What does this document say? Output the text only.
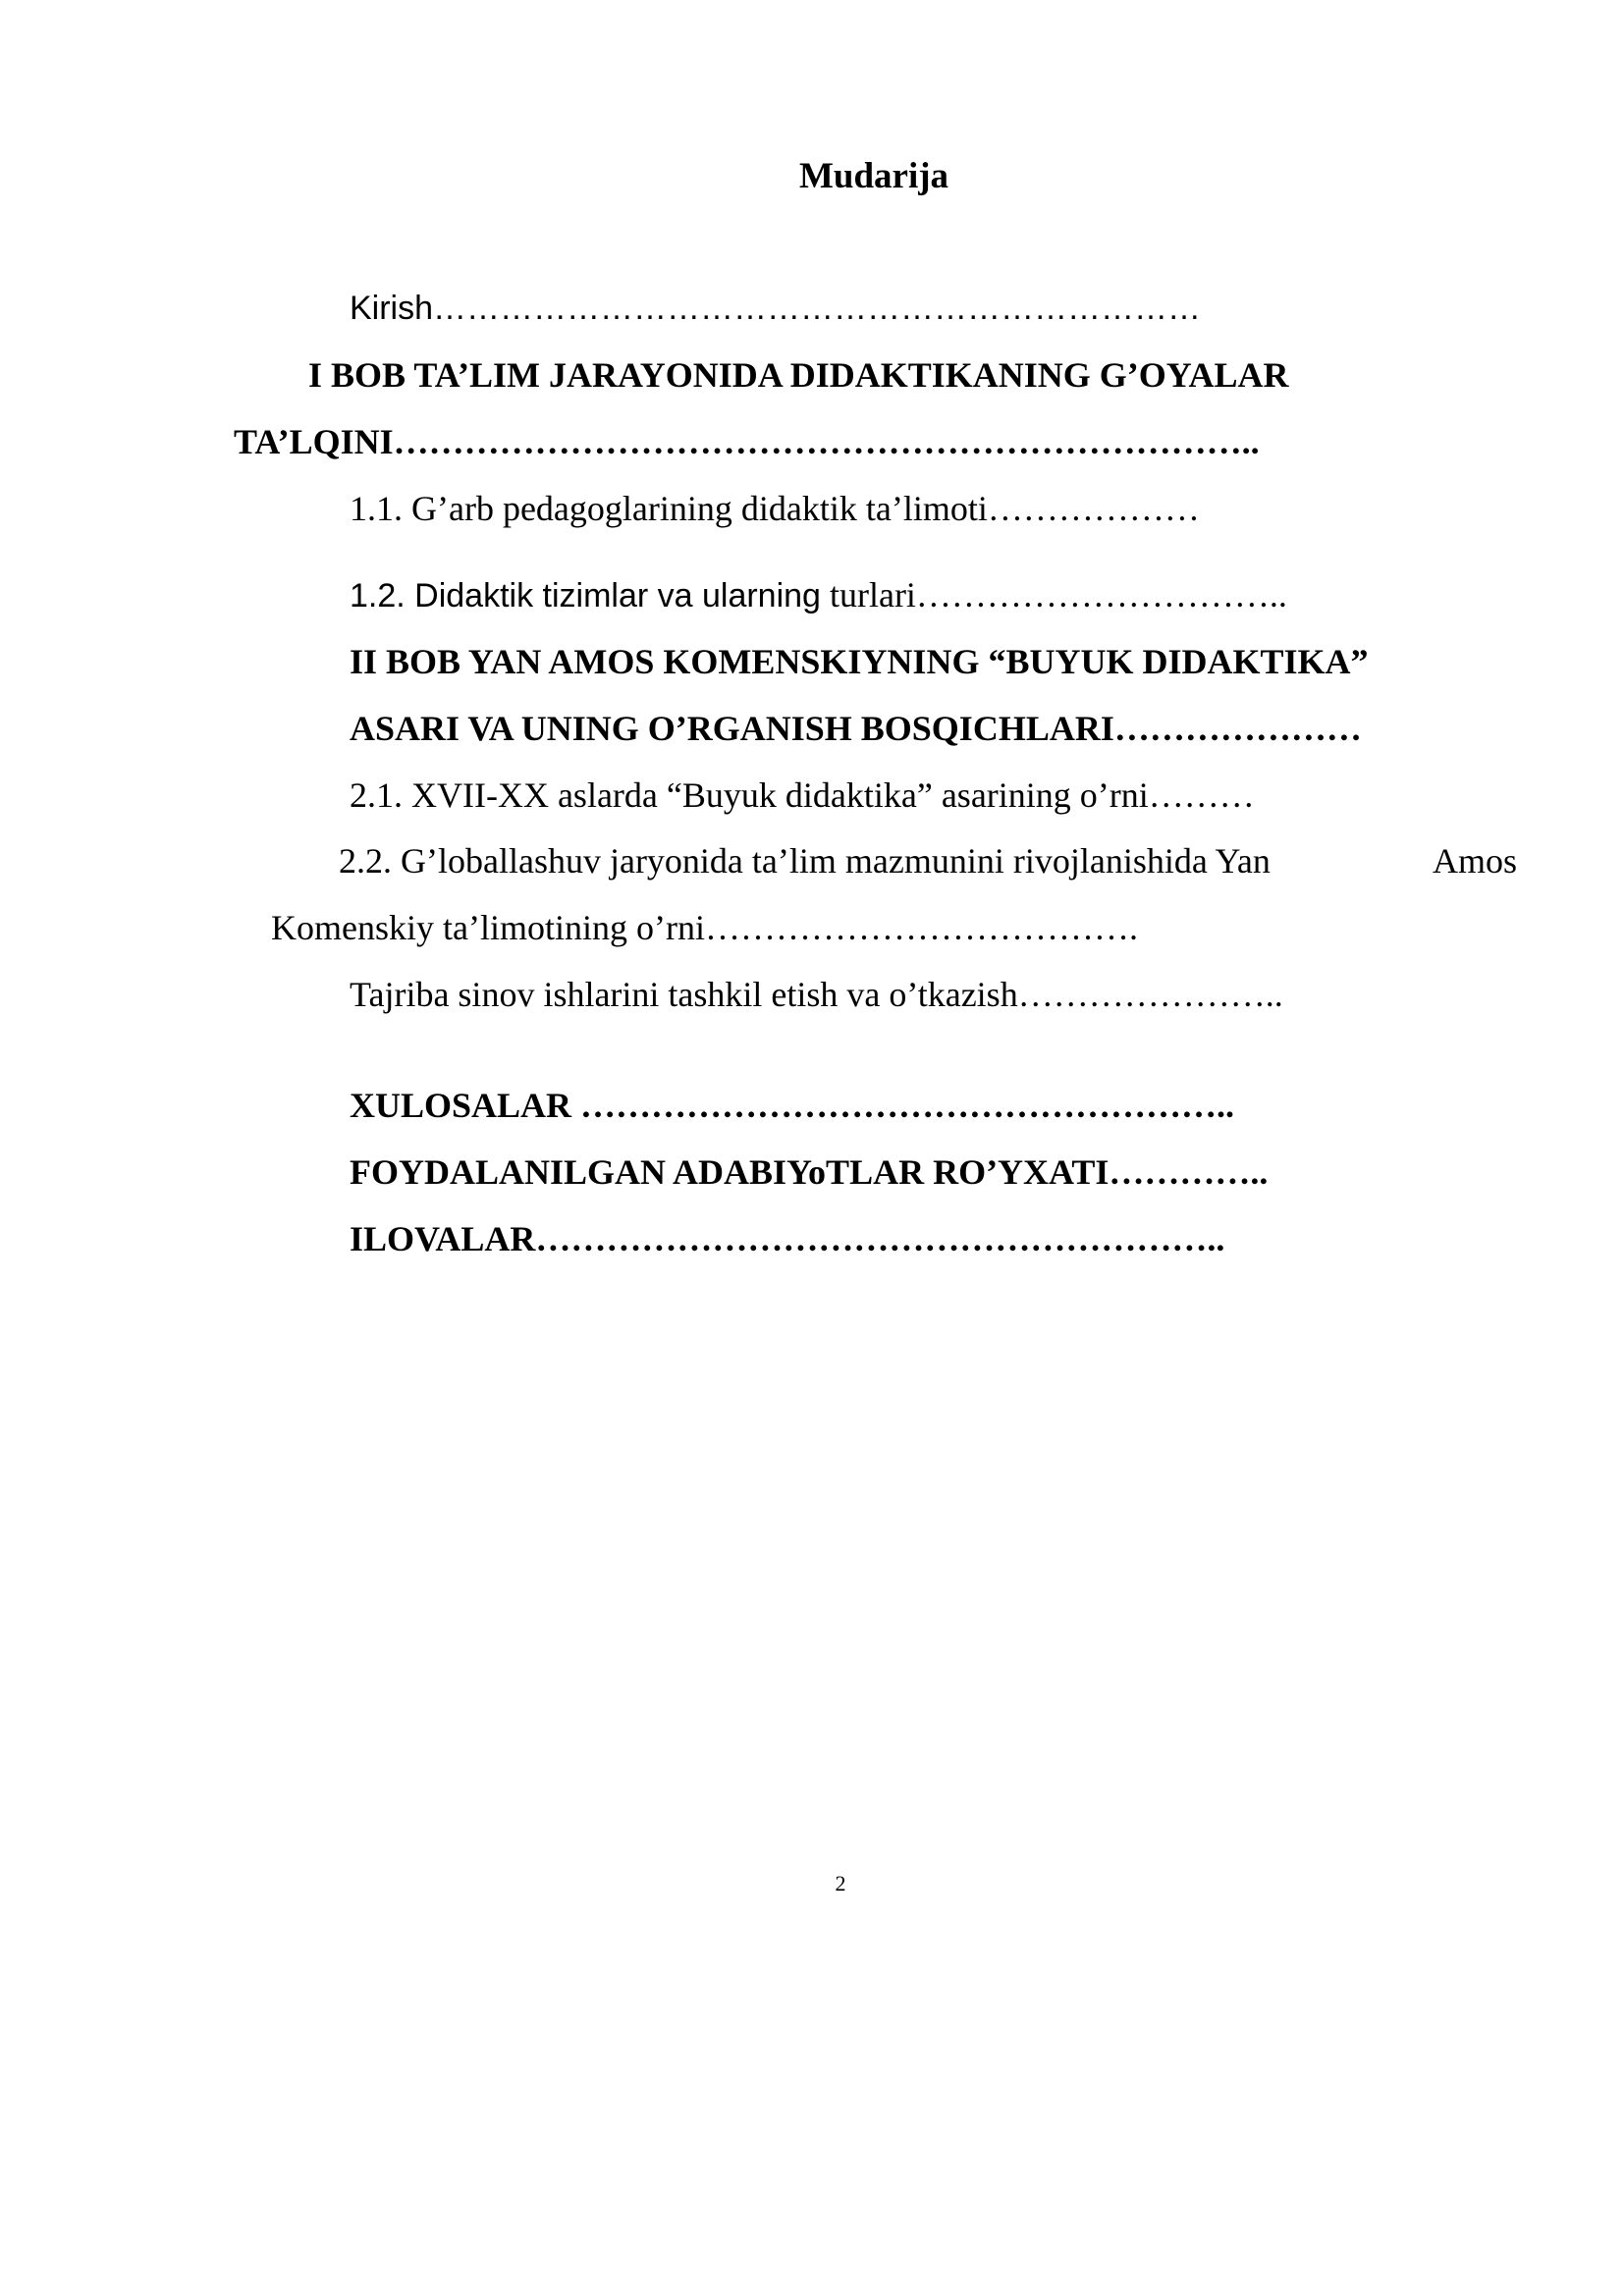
Mudarija
Kirish……………………………………………………………
I BOB TA’LIM JARAYONIDA DIDAKTIKANING G’OYALAR
TA’LQINI………………………………………………………………..
1.1. G’arb pedagoglarining didaktik ta’limoti………………
1.2. Didaktik tizimlar va ularning turlari…………………………..
II BOB YAN AMOS KOMENSKIYNING “BUYUK DIDAKTIKA”
ASARI VA UNING O’RGANISH BOSQICHLARI…………………
2.1. XVII-XX aslarda “Buyuk didaktika” asarining o’rni………
2.2. G’loballashuv jaryonida ta’lim mazmunini rivojlanishida Yan	Amos
Komenskiy ta’limotining o’rni……………………………….
Tajriba sinov ishlarini tashkil etish va o’tkazish…………………..
XULOSALAR ………………………………………………..
FOYDALANILGAN ADABIYoTLAR RO’YXATI…………..
ILOVALAR…………………………………………………..
2
